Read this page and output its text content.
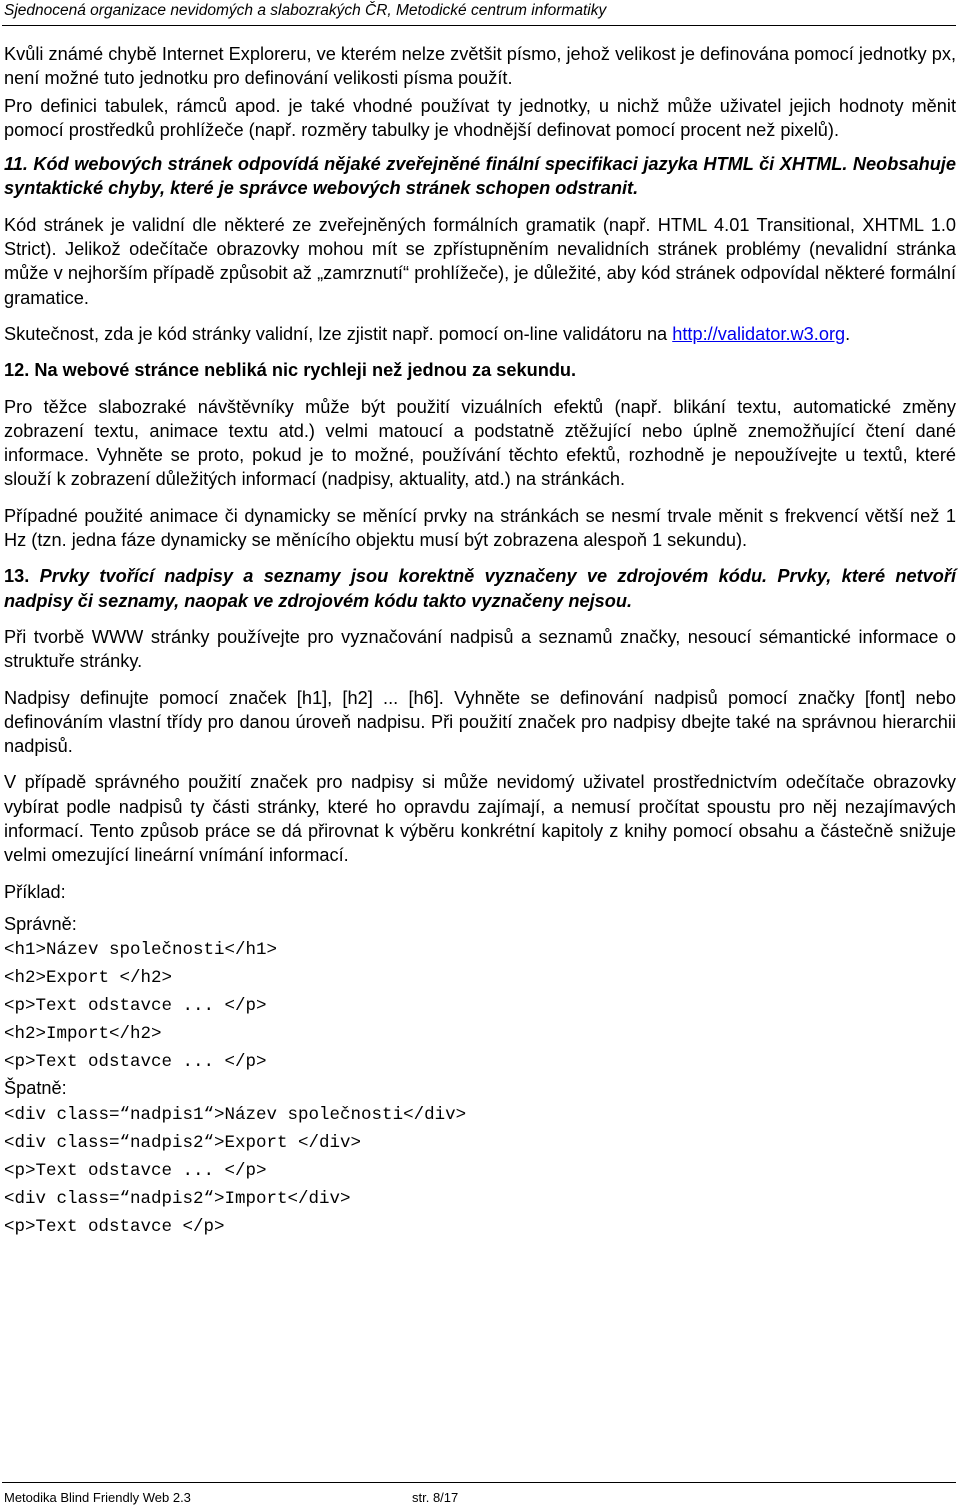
Sjednocená organizace nevidomých a slabozrakých ČR, Metodické centrum informatiky

Kvůli známé chybě Internet Exploreru, ve kterém nelze zvětšit písmo, jehož velikost je definována pomocí jednotky px, není možné tuto jednotku pro definování velikosti písma použít.

Pro definici tabulek, rámců apod. je také vhodné používat ty jednotky, u nichž může uživatel jejich hodnoty měnit pomocí prostředků prohlížeče (např. rozměry tabulky je vhodnější definovat pomocí procent než pixelů).

11. Kód webových stránek odpovídá nějaké zveřejněné finální specifikaci jazyka HTML či XHTML. Neobsahuje syntaktické chyby, které je správce webových stránek schopen odstranit.

Kód stránek je validní dle některé ze zveřejněných formálních gramatik (např. HTML 4.01 Transitional, XHTML 1.0 Strict). Jelikož odečítače obrazovky mohou mít se zpřístupněním nevalidních stránek problémy (nevalidní stránka může v nejhorším případě způsobit až „zamrznutí“ prohlížeče), je důležité, aby kód stránek odpovídal některé formální gramatice.

Skutečnost, zda je kód stránky validní, lze zjistit např. pomocí on-line validátoru na http://validator.w3.org.

12. Na webové stránce nebliká nic rychleji než jednou za sekundu.

Pro těžce slabozraké návštěvníky může být použití vizuálních efektů (např. blikání textu, automatické změny zobrazení textu, animace textu atd.) velmi matoucí a podstatně ztěžující nebo úplně znemožňující čtení dané informace. Vyhněte se proto, pokud je to možné, používání těchto efektů, rozhodně je nepoužívejte u textů, které slouží k zobrazení důležitých informací (nadpisy, aktuality, atd.) na stránkách.

Případné použité animace či dynamicky se měnící prvky na stránkách se nesmí trvale měnit s frekvencí větší než 1 Hz (tzn. jedna fáze dynamicky se měnícího objektu musí být zobrazena alespoň 1 sekundu).

13. Prvky tvořící nadpisy a seznamy jsou korektně vyznačeny ve zdrojovém kódu. Prvky, které netvoří nadpisy či seznamy, naopak ve zdrojovém kódu takto vyznačeny nejsou.

Při tvorbě WWW stránky používejte pro vyznačování nadpisů a seznamů značky, nesoucí sémantické informace o struktuře stránky.

Nadpisy definujte pomocí značek [h1], [h2] ... [h6]. Vyhněte se definování nadpisů pomocí značky [font] nebo definováním vlastní třídy pro danou úroveň nadpisu. Při použití značek pro nadpisy dbejte také na správnou hierarchii nadpisů.

V případě správného použití značek pro nadpisy si může nevidomý uživatel prostřednictvím odečítače obrazovky vybírat podle nadpisů ty části stránky, které ho opravdu zajímají, a nemusí pročítat spoustu pro něj nezajímavých informací. Tento způsob práce se dá přirovnat k výběru konkrétní kapitoly z knihy pomocí obsahu a částečně snižuje velmi omezující lineární vnímání informací.

Příklad:

Správně:

<h1>Název společnosti</h1>

<h2>Export </h2>

<p>Text odstavce ... </p>

<h2>Import</h2>

<p>Text odstavce ... </p>

Špatně:

<div class=“nadpis1“>Název společnosti</div>

<div class=“nadpis2“>Export </div>

<p>Text odstavce ... </p>

<div class=“nadpis2“>Import</div>

<p>Text odstavce </p>

Metodika Blind Friendly Web 2.3	str. 8/17
